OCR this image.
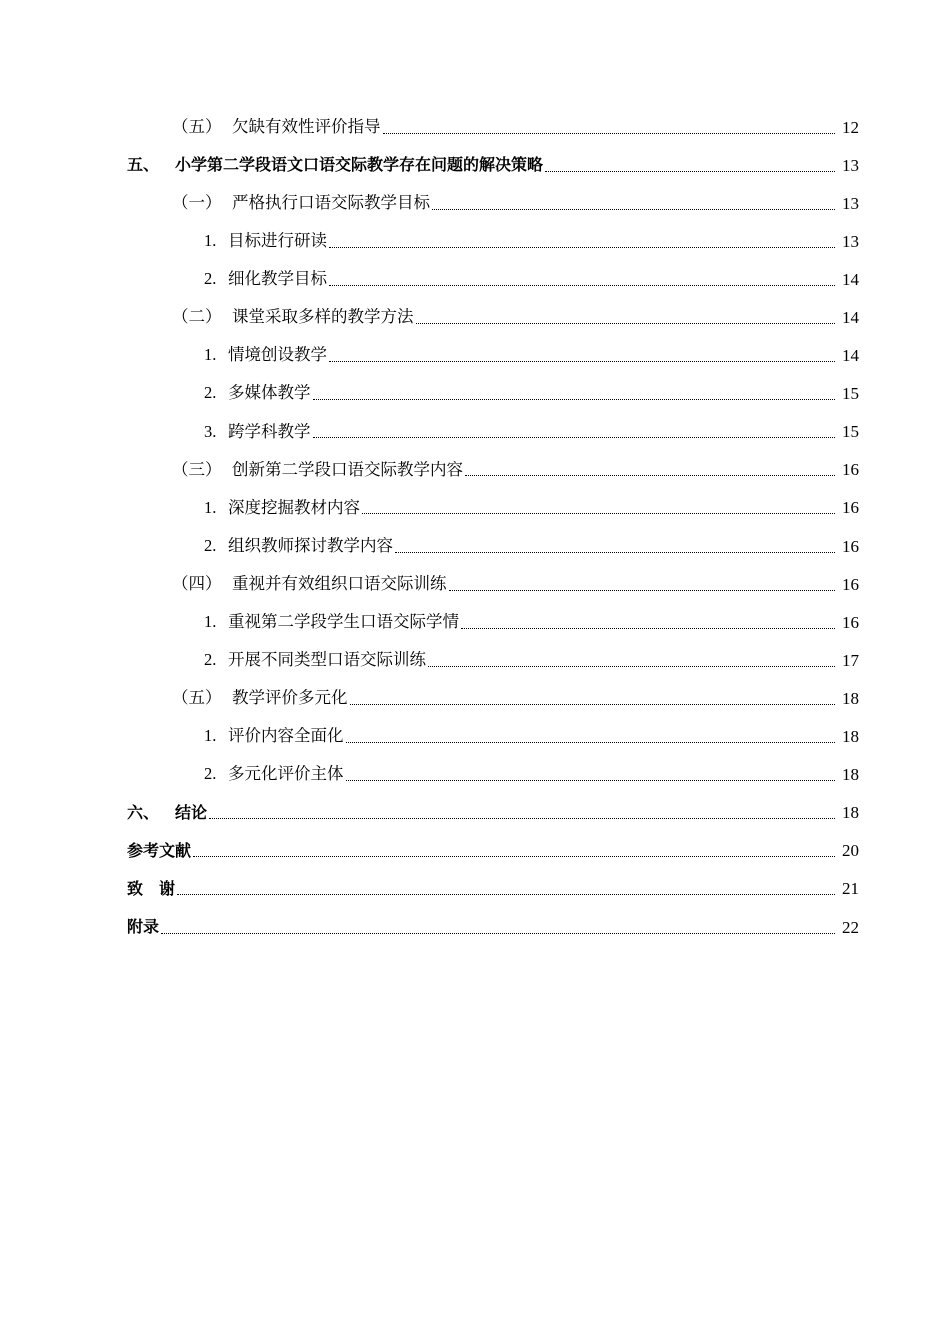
（五） 欠缺有效性评价指导	12
五、 小学第二学段语文口语交际教学存在问题的解决策略	13
（一） 严格执行口语交际教学目标	13
1. 目标进行研读	13
2. 细化教学目标	14
（二） 课堂采取多样的教学方法	14
1. 情境创设教学	14
2. 多媒体教学	15
3. 跨学科教学	15
（三） 创新第二学段口语交际教学内容	16
1. 深度挖掘教材内容	16
2. 组织教师探讨教学内容	16
（四） 重视并有效组织口语交际训练	16
1. 重视第二学段学生口语交际学情	16
2. 开展不同类型口语交际训练	17
（五） 教学评价多元化	18
1. 评价内容全面化	18
2. 多元化评价主体	18
六、 结论	18
参考文献	20
致　谢	21
附录	22
